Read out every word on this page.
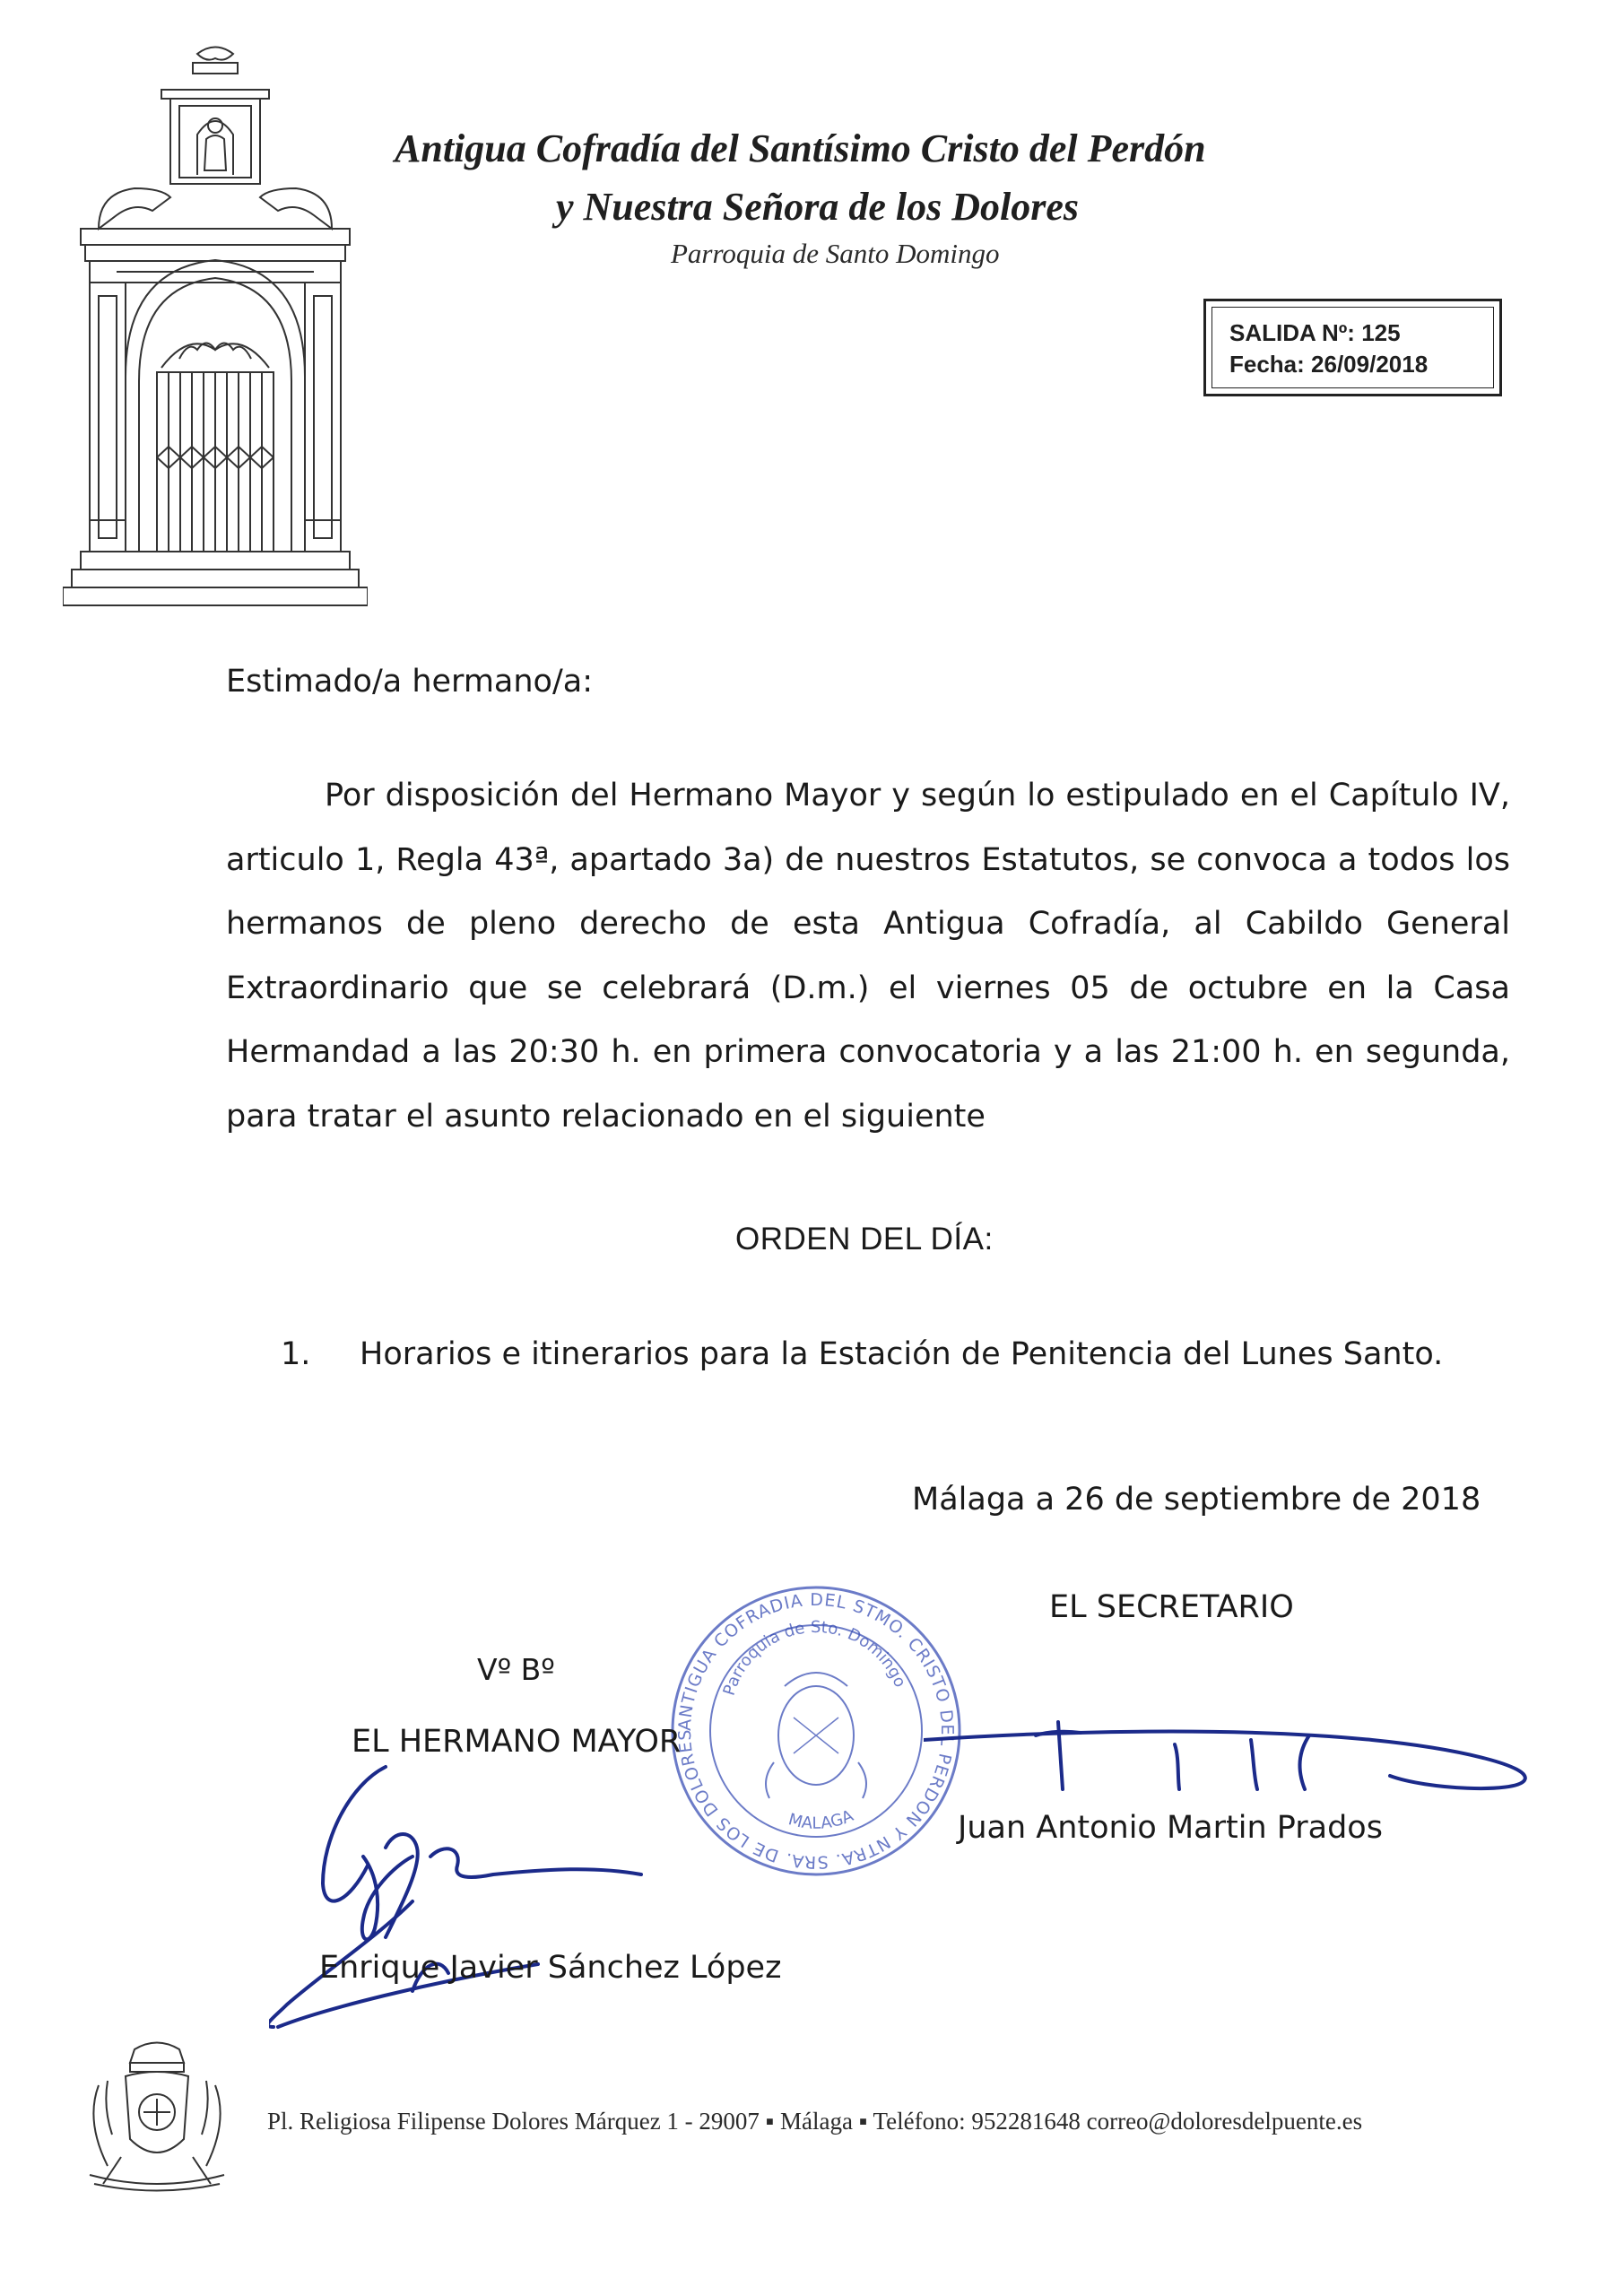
Antigua Cofradía del Santísimo Cristo del Perdón
y Nuestra Señora de los Dolores
Parroquia de Santo Domingo
SALIDA Nº: 125
Fecha: 26/09/2018
Estimado/a hermano/a:
Por disposición del Hermano Mayor y según lo estipulado en el Capítulo IV, articulo 1, Regla 43ª, apartado 3a) de nuestros Estatutos, se convoca a todos los hermanos de pleno derecho de esta Antigua Cofradía, al Cabildo General Extraordinario que se celebrará (D.m.) el viernes 05 de octubre en la Casa Hermandad a las 20:30 h. en primera convocatoria y a las 21:00 h. en segunda, para tratar el asunto relacionado en el siguiente
ORDEN DEL DÍA:
1. Horarios e itinerarios para la Estación de Penitencia del Lunes Santo.
Málaga a 26 de septiembre de 2018
ANTIGUA COFRADIA DEL STMO. CRISTO DEL PERDON Y NTRA. SRA. DE LOS DOLORES
Parroquia de Sto. Domingo
MALAGA
EL SECRETARIO
Vº Bº
EL HERMANO MAYOR
Juan Antonio Martin Prados
Enrique Javier Sánchez López
Pl. Religiosa Filipense Dolores Márquez 1 - 29007 ▪ Málaga ▪ Teléfono: 952281648 correo@doloresdelpuente.es
